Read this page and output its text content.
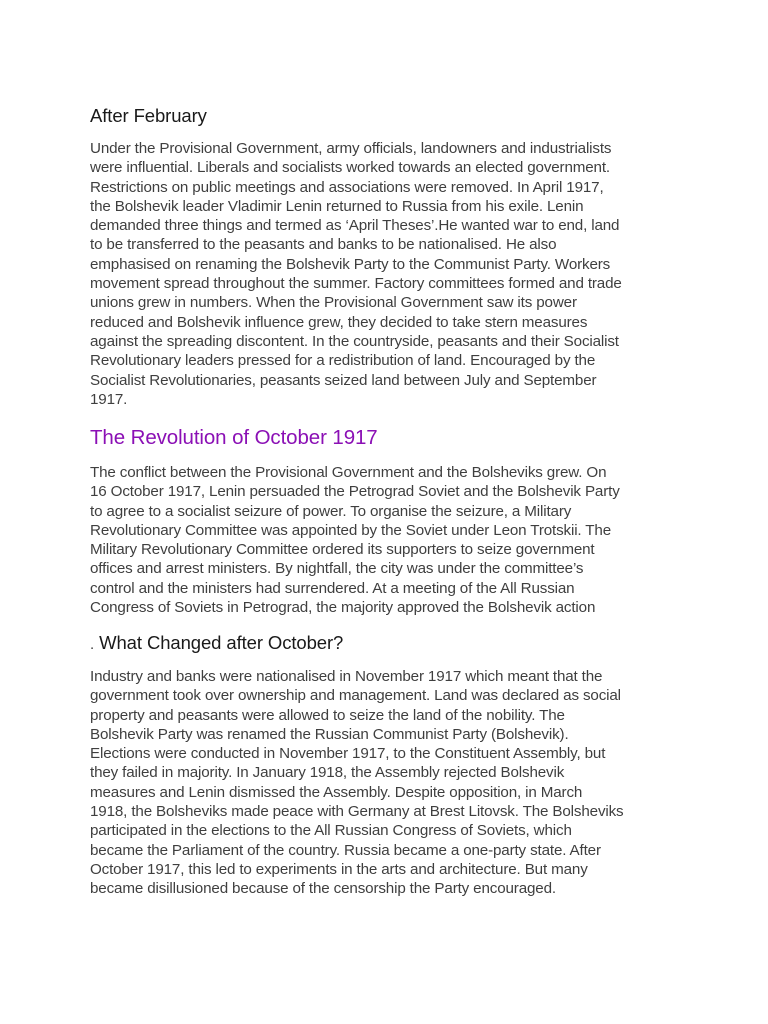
After February
Under the Provisional Government, army officials, landowners and industrialists
were influential. Liberals and socialists worked towards an elected government.
Restrictions on public meetings and associations were removed. In April 1917,
the Bolshevik leader Vladimir Lenin returned to Russia from his exile. Lenin
demanded three things and termed as ‘April Theses’.He wanted war to end, land
to be transferred to the peasants and banks to be nationalised. He also
emphasised on renaming the Bolshevik Party to the Communist Party. Workers
movement spread throughout the summer. Factory committees formed and trade
unions grew in numbers. When the Provisional Government saw its power
reduced and Bolshevik influence grew, they decided to take stern measures
against the spreading discontent. In the countryside, peasants and their Socialist
Revolutionary leaders pressed for a redistribution of land. Encouraged by the
Socialist Revolutionaries, peasants seized land between July and September
1917.
The Revolution of October 1917
The conflict between the Provisional Government and the Bolsheviks grew. On
16 October 1917, Lenin persuaded the Petrograd Soviet and the Bolshevik Party
to agree to a socialist seizure of power. To organise the seizure, a Military
Revolutionary Committee was appointed by the Soviet under Leon Trotskii. The
Military Revolutionary Committee ordered its supporters to seize government
offices and arrest ministers. By nightfall, the city was under the committee’s
control and the ministers had surrendered. At a meeting of the All Russian
Congress of Soviets in Petrograd, the majority approved the Bolshevik action
. What Changed after October?
Industry and banks were nationalised in November 1917 which meant that the
government took over ownership and management. Land was declared as social
property and peasants were allowed to seize the land of the nobility. The
Bolshevik Party was renamed the Russian Communist Party (Bolshevik).
Elections were conducted in November 1917, to the Constituent Assembly, but
they failed in majority. In January 1918, the Assembly rejected Bolshevik
measures and Lenin dismissed the Assembly. Despite opposition, in March
1918, the Bolsheviks made peace with Germany at Brest Litovsk. The Bolsheviks
participated in the elections to the All Russian Congress of Soviets, which
became the Parliament of the country. Russia became a one-party state. After
October 1917, this led to experiments in the arts and architecture. But many
became disillusioned because of the censorship the Party encouraged.
